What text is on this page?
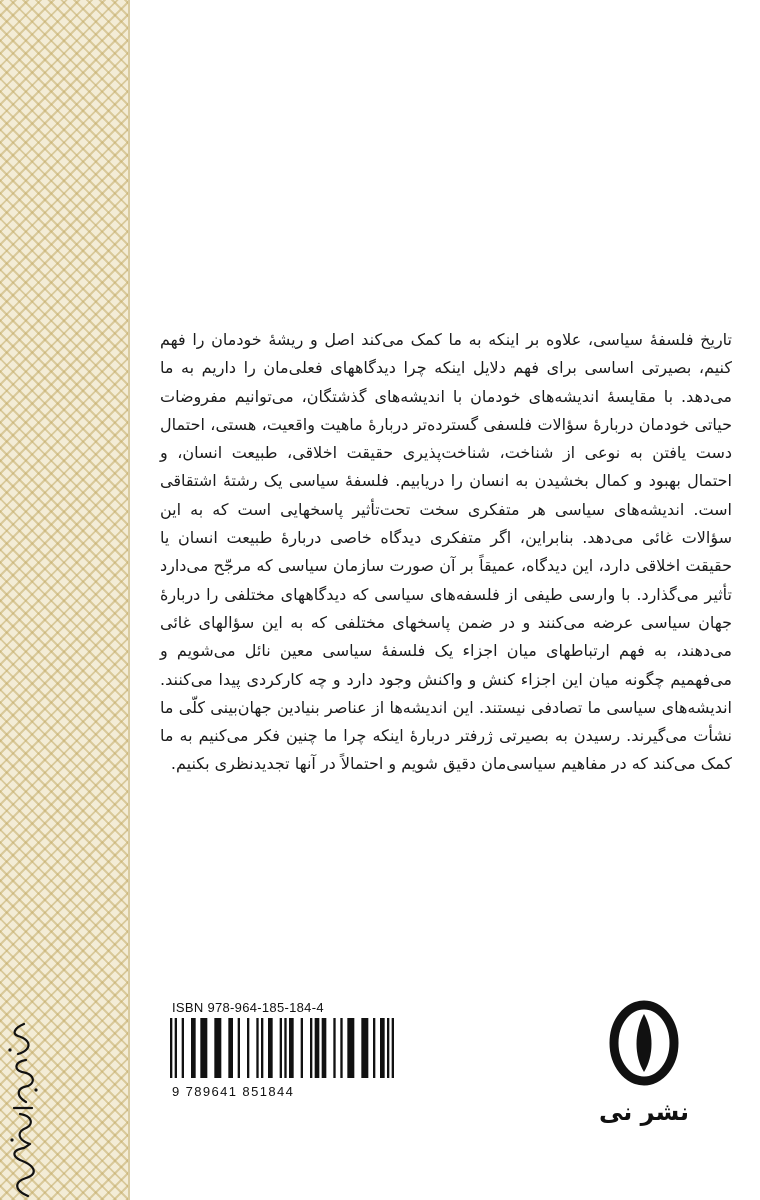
تاریخ فلسفهٔ سیاسی، علاوه بر اینکه به ما کمک می‌کند اصل و ریشهٔ خودمان را فهم کنیم، بصیرتی اساسی برای فهم دلایل اینکه چرا دیدگاههای فعلی‌مان را داریم به ما می‌دهد. با مقایسهٔ اندیشه‌های خودمان با اندیشه‌های گذشتگان، می‌توانیم مفروضات حیاتی خودمان دربارهٔ سؤالات فلسفی گسترده‌تر دربارهٔ ماهیت واقعیت، هستی، احتمال دست یافتن به نوعی از شناخت، شناخت‌پذیری حقیقت اخلاقی، طبیعت انسان، و احتمال بهبود و کمال بخشیدن به انسان را دریابیم. فلسفهٔ سیاسی یک رشتهٔ اشتقاقی است. اندیشه‌های سیاسی هر متفکری سخت تحت‌تأثیر پاسخهایی است که به این سؤالات غائی می‌دهد. بنابراین، اگر متفکری دیدگاه خاصی دربارهٔ طبیعت انسان یا حقیقت اخلاقی دارد، این دیدگاه، عمیقاً بر آن صورت سازمان سیاسی که مرجّح می‌دارد تأثیر می‌گذارد. با وارسی طیفی از فلسفه‌های سیاسی که دیدگاههای مختلفی را دربارهٔ جهان سیاسی عرضه می‌کنند و در ضمن پاسخهای مختلفی که به این سؤالهای غائی می‌دهند، به فهم ارتباطهای میان اجزاء یک فلسفهٔ سیاسی معین نائل می‌شویم و می‌فهمیم چگونه میان این اجزاء کنش و واکنش وجود دارد و چه کارکردی پیدا می‌کنند. اندیشه‌های سیاسی ما تصادفی نیستند. این اندیشه‌ها از عناصر بنیادین جهان‌بینی کلّی ما نشأت می‌گیرند. رسیدن به بصیرتی ژرفتر دربارهٔ اینکه چرا ما چنین فکر می‌کنیم به ما کمک می‌کند که در مفاهیم سیاسی‌مان دقیق شویم و احتمالاً در آنها تجدیدنظری بکنیم.

ISBN 978-964-185-184-4
9 789641 851844
نشر نی
